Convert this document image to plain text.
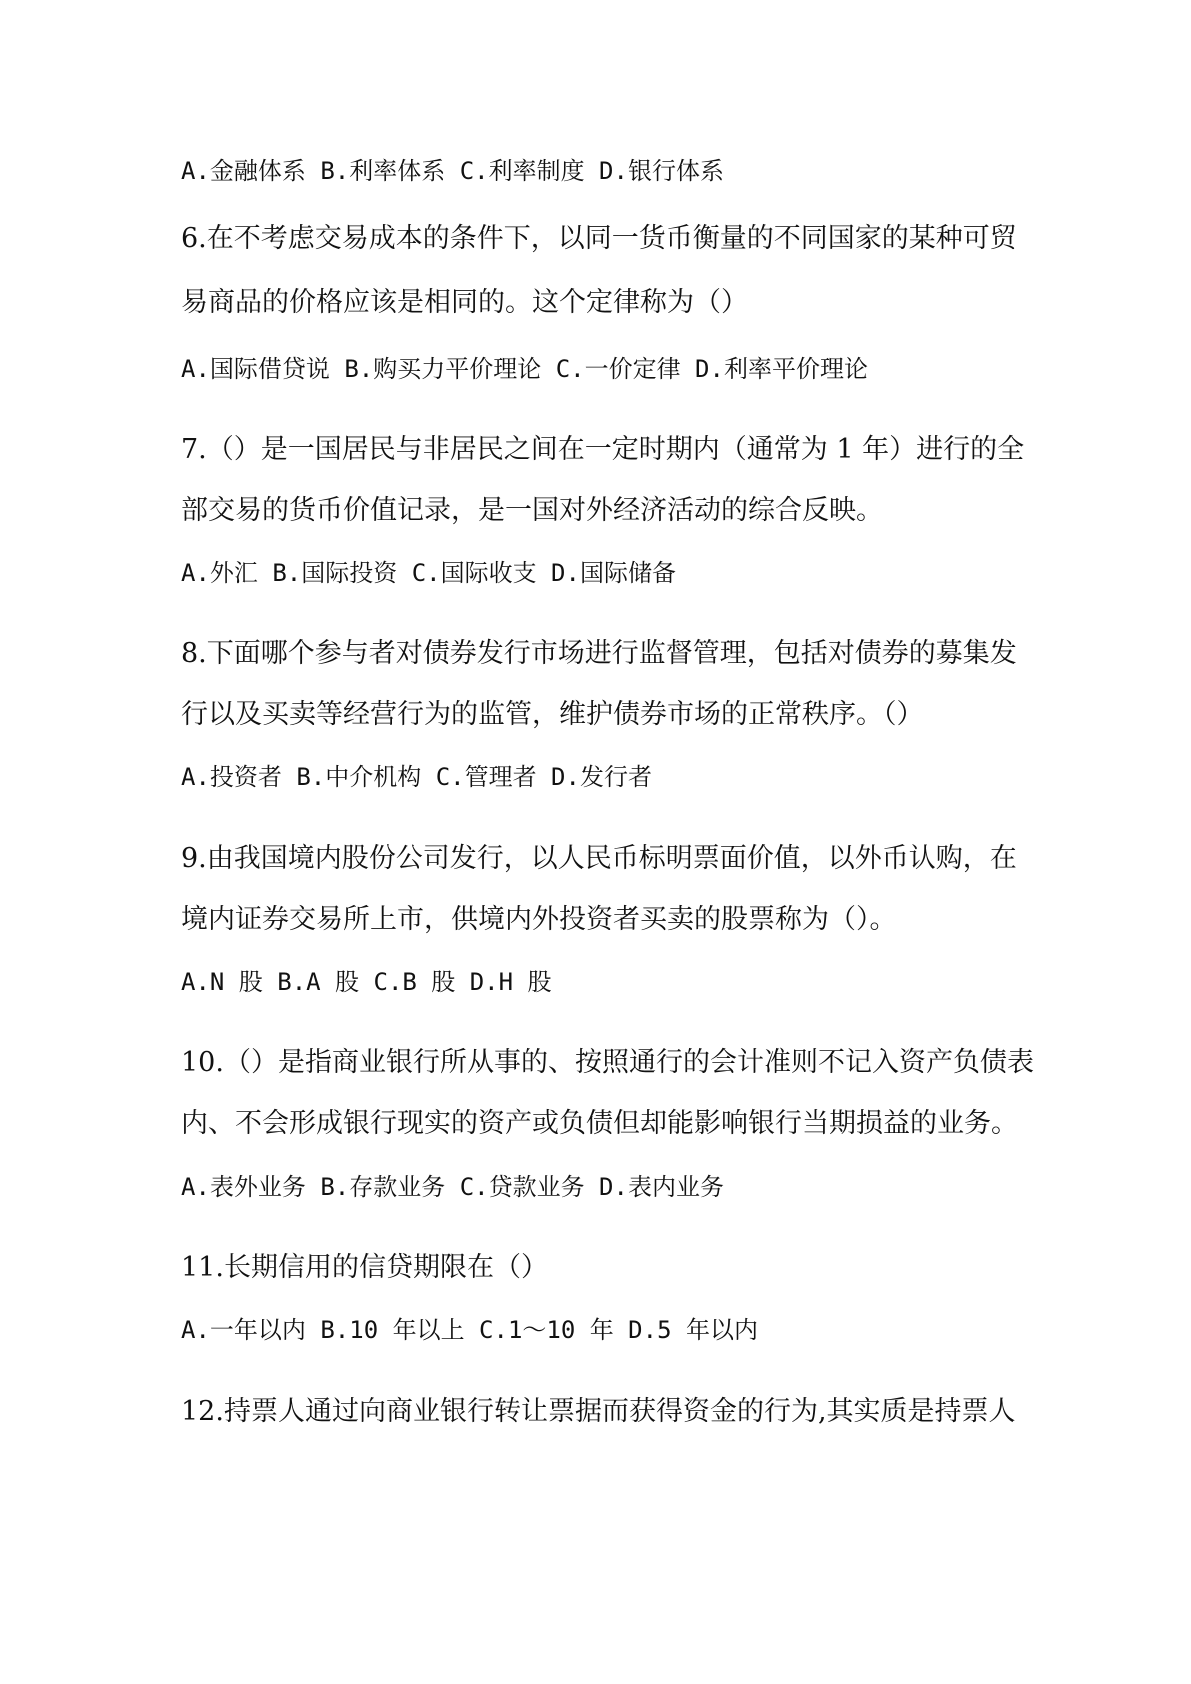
A.金融体系 B.利率体系 C.利率制度 D.银行体系
6.在不考虑交易成本的条件下，以同一货币衡量的不同国家的某种可贸
易商品的价格应该是相同的。这个定律称为（）
A.国际借贷说 B.购买力平价理论 C.一价定律 D.利率平价理论
7.（）是一国居民与非居民之间在一定时期内（通常为 1 年）进行的全
部交易的货币价值记录，是一国对外经济活动的综合反映。
A.外汇 B.国际投资 C.国际收支 D.国际储备
8.下面哪个参与者对债券发行市场进行监督管理，包括对债券的募集发
行以及买卖等经营行为的监管，维护债券市场的正常秩序。（）
A.投资者 B.中介机构 C.管理者 D.发行者
9.由我国境内股份公司发行，以人民币标明票面价值，以外币认购，在
境内证券交易所上市，供境内外投资者买卖的股票称为（）。
A.N 股 B.A 股 C.B 股 D.H 股
10.（）是指商业银行所从事的、按照通行的会计准则不记入资产负债表
内、不会形成银行现实的资产或负债但却能影响银行当期损益的业务。
A.表外业务 B.存款业务 C.贷款业务 D.表内业务
11.长期信用的信贷期限在（）
A.一年以内 B.10 年以上 C.1～10 年 D.5 年以内
12.持票人通过向商业银行转让票据而获得资金的行为,其实质是持票人
